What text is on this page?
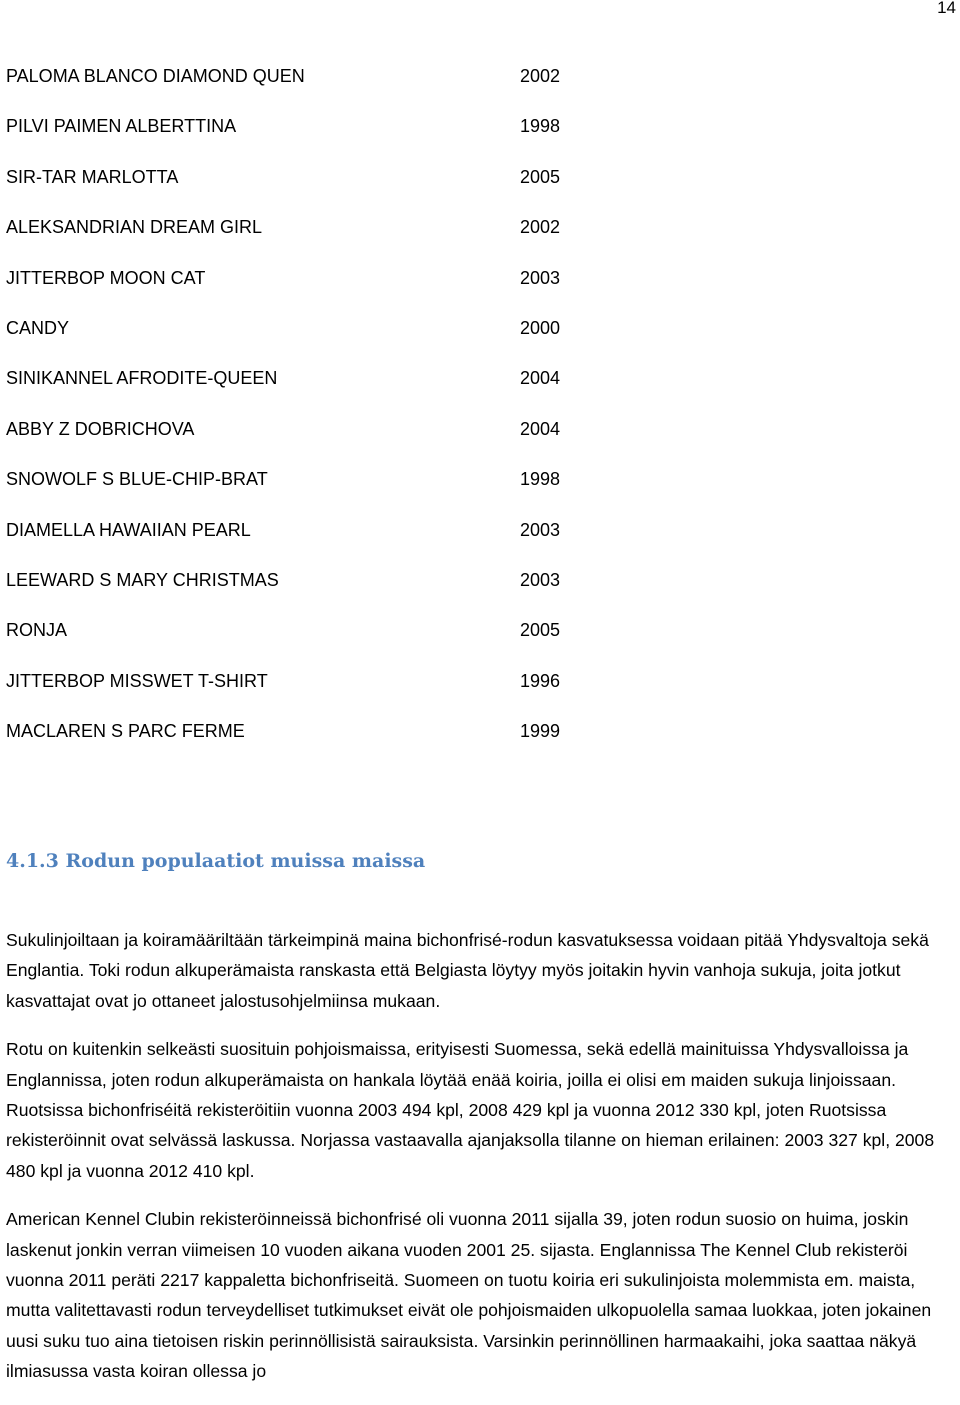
14
PALOMA BLANCO DIAMOND QUEN	2002
PILVI PAIMEN ALBERTTINA	1998
SIR-TAR MARLOTTA	2005
ALEKSANDRIAN DREAM GIRL	2002
JITTERBOP MOON CAT	2003
CANDY	2000
SINIKANNEL AFRODITE-QUEEN	2004
ABBY Z DOBRICHOVA	2004
SNOWOLF S BLUE-CHIP-BRAT	1998
DIAMELLA HAWAIIAN PEARL	2003
LEEWARD S MARY CHRISTMAS	2003
RONJA	2005
JITTERBOP MISSWET T-SHIRT	1996
MACLAREN S PARC FERME	1999
4.1.3 Rodun populaatiot muissa maissa

Sukulinjoiltaan ja koiramääriltään tärkeimpinä maina bichonfrisé-rodun kasvatuksessa voidaan pitää Yhdysvaltoja sekä Englantia. Toki rodun alkuperämaista ranskasta että Belgiasta löytyy myös joitakin hyvin vanhoja sukuja, joita jotkut kasvattajat ovat jo ottaneet jalostusohjelmiinsa mukaan.

Rotu on kuitenkin selkeästi suosituin pohjoismaissa, erityisesti Suomessa, sekä edellä mainituissa Yhdysvalloissa ja Englannissa, joten rodun alkuperämaista on hankala löytää enää koiria, joilla ei olisi em maiden sukuja linjoissaan. Ruotsissa bichonfriséitä rekisteröitiin vuonna 2003 494 kpl, 2008 429 kpl ja vuonna 2012 330 kpl, joten Ruotsissa rekisteröinnit ovat selvässä laskussa. Norjassa vastaavalla ajanjaksolla tilanne on hieman erilainen: 2003 327 kpl, 2008 480 kpl ja vuonna 2012 410 kpl.

American Kennel Clubin rekisteröinneissä bichonfrisé oli vuonna 2011 sijalla 39, joten rodun suosio on huima, joskin laskenut jonkin verran viimeisen 10 vuoden aikana vuoden 2001 25. sijasta. Englannissa The Kennel Club rekisteröi vuonna 2011 peräti 2217 kappaletta bichonfriseitä. Suomeen on tuotu koiria eri sukulinjoista molemmista em. maista, mutta valitettavasti rodun terveydelliset tutkimukset eivät ole pohjoismaiden ulkopuolella samaa luokkaa, joten jokainen uusi suku tuo aina tietoisen riskin perinnöllisistä sairauksista. Varsinkin perinnöllinen harmaakaihi, joka saattaa näkyä ilmiasussa vasta koiran ollessa jo
